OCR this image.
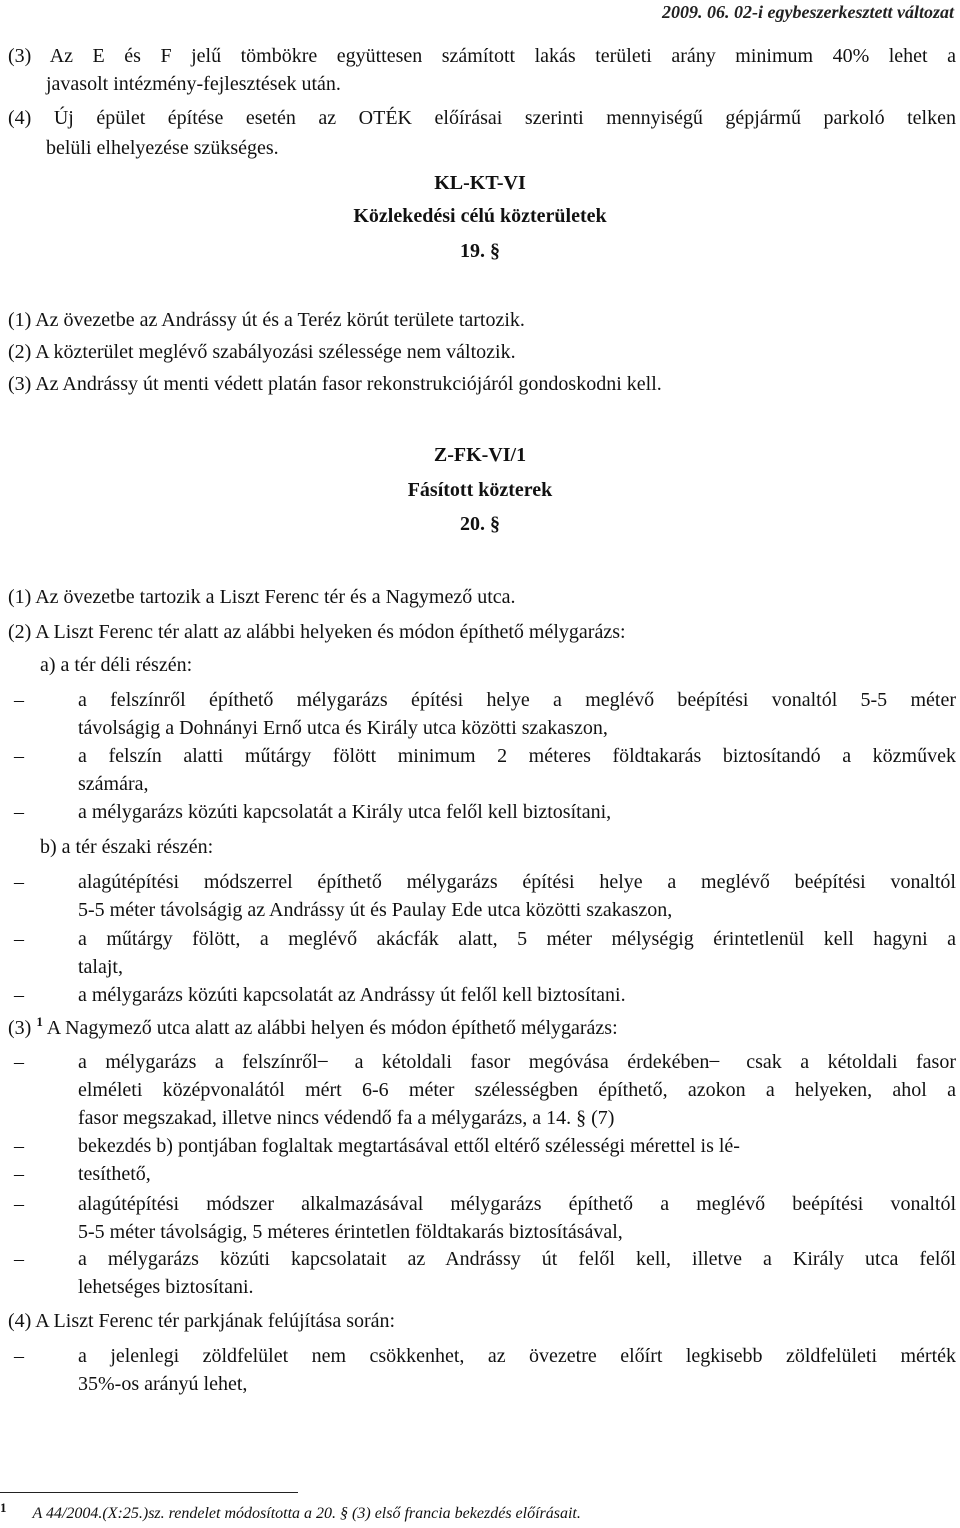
2009. 06. 02-i egybeszerkesztett változat
(3) Az E és F jelű tömbökre együttesen számított lakás területi arány minimum 40% lehet a
javasolt intézmény-fejlesztések után.
(4) Új épület építése esetén az OTÉK előírásai szerinti mennyiségű gépjármű parkoló telken
belüli elhelyezése szükséges.
KL-KT-VI
Közlekedési célú közterületek
19. §
(1) Az övezetbe az Andrássy út és a Teréz körút területe tartozik.
(2) A közterület meglévő szabályozási szélessége nem változik.
(3) Az Andrássy út menti védett platán fasor rekonstrukciójáról gondoskodni kell.
Z-FK-VI/1
Fásított közterek
20. §
(1) Az övezetbe tartozik a Liszt Ferenc tér és a Nagymező utca.
(2) A Liszt Ferenc tér alatt az alábbi helyeken és módon építhető mélygarázs:
a) a tér déli részén:
–	a felszínről építhető mélygarázs építési helye a meglévő beépítési vonaltól 5-5 méter
távolságig a Dohnányi Ernő utca és Király utca közötti szakaszon,
–	a felszín alatti műtárgy fölött minimum 2 méteres földtakarás biztosítandó a közművek
számára,
–	a mélygarázs közúti kapcsolatát a Király utca felől kell biztosítani,
b) a tér északi részén:
–	alagútépítési módszerrel építhető mélygarázs építési helye a meglévő beépítési vonaltól
5-5 méter távolságig az Andrássy út és Paulay Ede utca közötti szakaszon,
–	a műtárgy fölött, a meglévő akácfák alatt, 5 méter mélységig érintetlenül kell hagyni a
talajt,
–	a mélygarázs közúti kapcsolatát az Andrássy út felől kell biztosítani.
(3) $^1$ A Nagymező utca alatt az alábbi helyen és módon építhető mélygarázs:
–	a mélygarázs a felszínről ̶ a kétoldali fasor megóvása érdekében ̶ csak a kétoldali fasor
elméleti középvonalától mért 6-6 méter szélességben építhető, azokon a helyeken, ahol a
fasor megszakad, illetve nincs védendő fa a mélygarázs, a 14. § (7)
–	bekezdés b) pontjában foglaltak megtartásával ettől eltérő szélességi mérettel is lé-
–	tesíthető,
–	alagútépítési módszer alkalmazásával mélygarázs építhető a meglévő beépítési vonaltól
5-5 méter távolságig, 5 méteres érintetlen földtakarás biztosításával,
–	a mélygarázs közúti kapcsolatait az Andrássy út felől kell, illetve a Király utca felől
lehetséges biztosítani.
(4) A Liszt Ferenc tér parkjának felújítása során:
–	a jelenlegi zöldfelület nem csökkenhet, az övezetre előírt legkisebb zöldfelületi mérték
35%-os arányú lehet,
$^1$ A 44/2004.(X:25.)sz. rendelet módosította a 20. § (3) első francia bekezdés előírásait.
